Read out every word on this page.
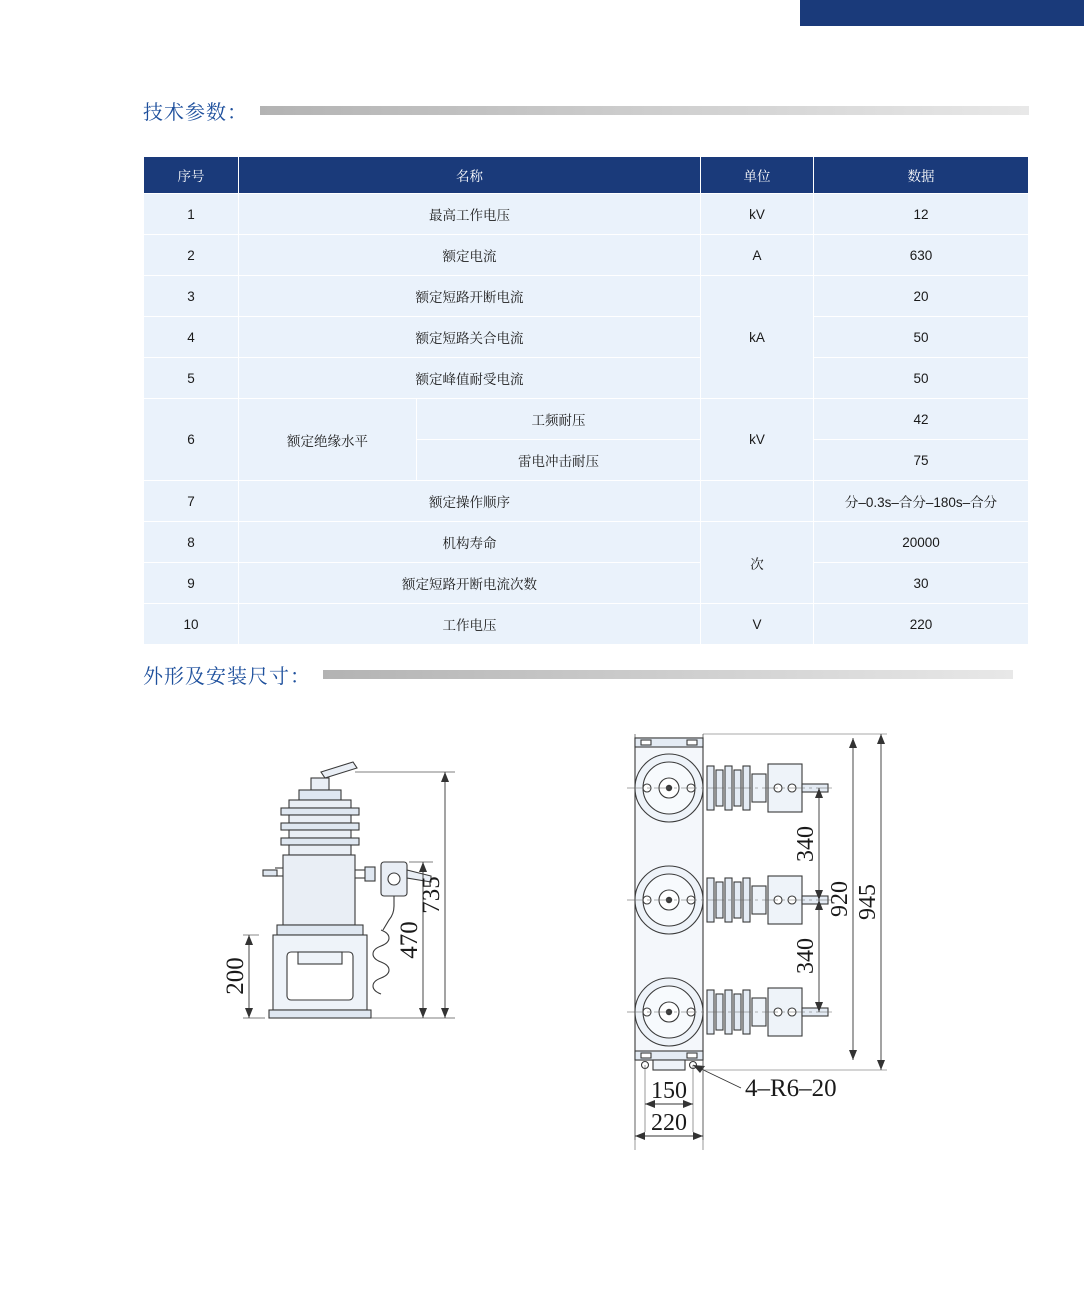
技术参数：
序号	名称		单位	数据
1	最高工作电压		kV	12
2	额定电流		A	630
3	额定短路开断电流		kA	20
4	额定短路关合电流			50
5	额定峰值耐受电流			50
6	额定绝缘水平	工频耐压	kV	42
		雷电冲击耐压		75
7	额定操作顺序			分–0.3s–合分–180s–合分
8	机构寿命		次	20000
9	额定短路开断电流次数			30
10	工作电压		V	220
外形及安装尺寸：
735
470
200
340
340
920 945
150
220
4–R6–20
